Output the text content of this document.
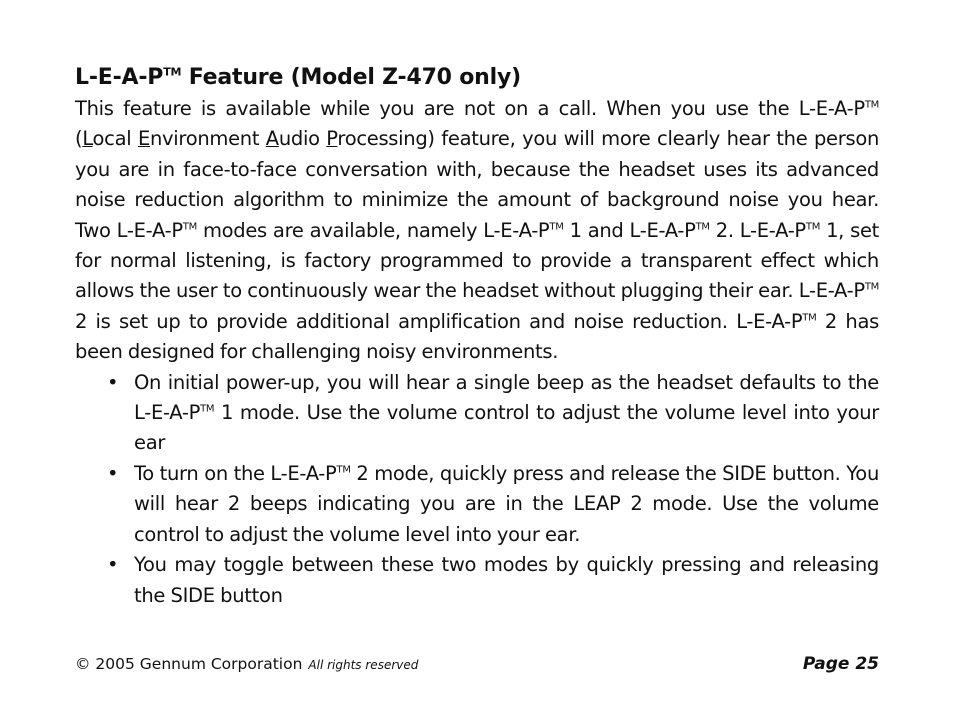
L-E-A-P™ Feature (Model Z-470 only)

This feature is available while you are not on a call. When you use the L-E-A-P™ (Local Environment Audio Processing) feature, you will more clearly hear the person you are in face-to-face conversation with, because the headset uses its advanced noise reduction algorithm to minimize the amount of background noise you hear. Two L-E-A-P™ modes are available, namely L-E-A-P™ 1 and L-E-A-P™ 2. L-E-A-P™ 1, set for normal listening, is factory programmed to provide a transparent effect which allows the user to continuously wear the headset without plugging their ear. L-E-A-P™ 2 is set up to provide additional amplification and noise reduction. L-E-A-P™ 2 has been designed for challenging noisy environments.

• On initial power-up, you will hear a single beep as the headset defaults to the L-E-A-P™ 1 mode. Use the volume control to adjust the volume level into your ear
• To turn on the L-E-A-P™ 2 mode, quickly press and release the SIDE button. You will hear 2 beeps indicating you are in the LEAP 2 mode. Use the volume control to adjust the volume level into your ear.
• You may toggle between these two modes by quickly pressing and releasing the SIDE button
© 2005 Gennum Corporation All rights reserved	Page 25
